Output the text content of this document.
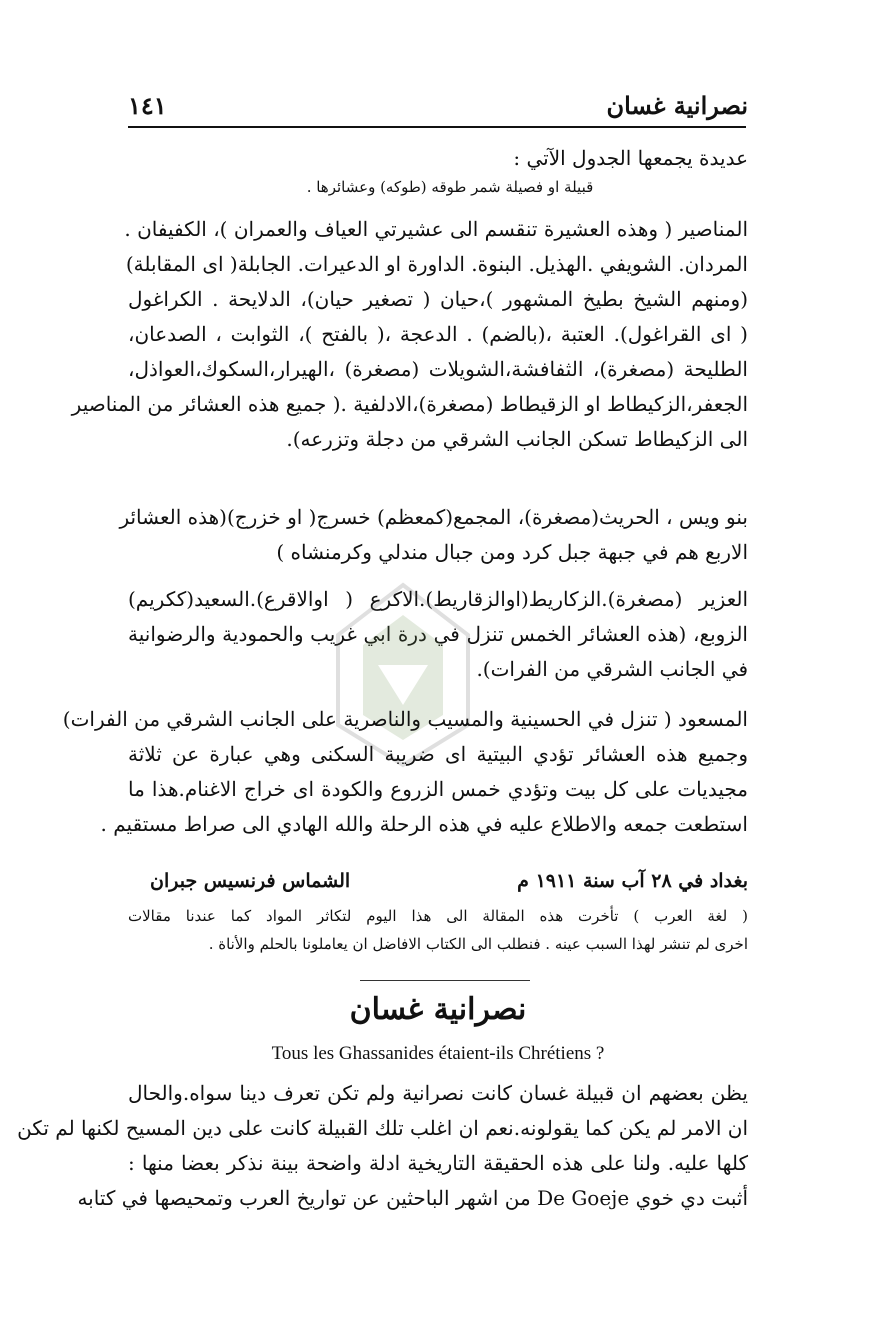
نصرانية غسان
١٤١
عديدة يجمعها الجدول الآتي :
قبيلة او فصيلة شمر طوقه (طوكه) وعشائرها .
المناصير ( وهذه العشيرة تنقسم الى عشيرتي العياف والعمران )، الكفيفان .
المردان. الشويفي .الهذيل. البنوة. الداورة او الدعيرات. الجابلة( اى المقابلة)
(ومنهم الشيخ بطيخ المشهور )،حيان ( تصغير حيان)، الدلايحة . الكراغول
( اى القراغول). العتبة ،(بالضم) . الدعجة ،( بالفتح )، الثوابت ، الصدعان،
الطليحة (مصغرة)، الثفافشة،الشويلات (مصغرة) ،الهيرار،السكوك،العواذل،
الجعفر،الزكيطاط او الزقيطاط (مصغرة)،الادلفية .( جميع هذه العشائر من المناصير
الى الزكيطاط تسكن الجانب الشرقي من دجلة وتزرعه).
بنو ويس ، الحريث(مصغرة)، المجمع(كمعظم) خسرج( او خزرج)(هذه العشائر
الاربع هم في جبهة جبل كرد ومن جبال مندلي وكرمنشاه )
العزير (مصغرة).الزكاريط(اوالزقاريط).الاكرع ( اوالاقرع).السعيد(ككريم)
الزوبع، (هذه العشائر الخمس تنزل في درة ابي غريب والحمودية والرضوانية
في الجانب الشرقي من الفرات).
المسعود ( تنزل في الحسينية والمسيب والناصرية على الجانب الشرقي من الفرات)
وجميع هذه العشائر تؤدي البيتية اى ضريبة السكنى وهي عبارة عن ثلاثة
مجيديات على كل بيت وتؤدي خمس الزروع والكودة اى خراج الاغنام.هذا ما
استطعت جمعه والاطلاع عليه في هذه الرحلة والله الهادي الى صراط مستقيم .
بغداد في ٢٨ آب سنة ١٩١١ م
الشماس فرنسيس جبران
( لغة العرب ) تأخرت هذه المقالة الى هذا اليوم لتكاثر المواد كما عندنا مقالات
اخرى لم تنشر لهذا السبب عينه . فنطلب الى الكتاب الافاضل ان يعاملونا بالحلم والأناة .
نصرانية غسان
Tous les Ghassanides étaient-ils Chrétiens ?
يظن بعضهم ان قبيلة غسان كانت نصرانية ولم تكن تعرف دينا سواه.والحال
ان الامر لم يكن كما يقولونه.نعم ان اغلب تلك القبيلة كانت على دين المسيح لكنها لم تكن
كلها عليه. ولنا على هذه الحقيقة التاريخية ادلة واضحة بينة نذكر بعضا منها :
أثبت دي خوي De Goeje من اشهر الباحثين عن تواريخ العرب وتمحيصها في كتابه
